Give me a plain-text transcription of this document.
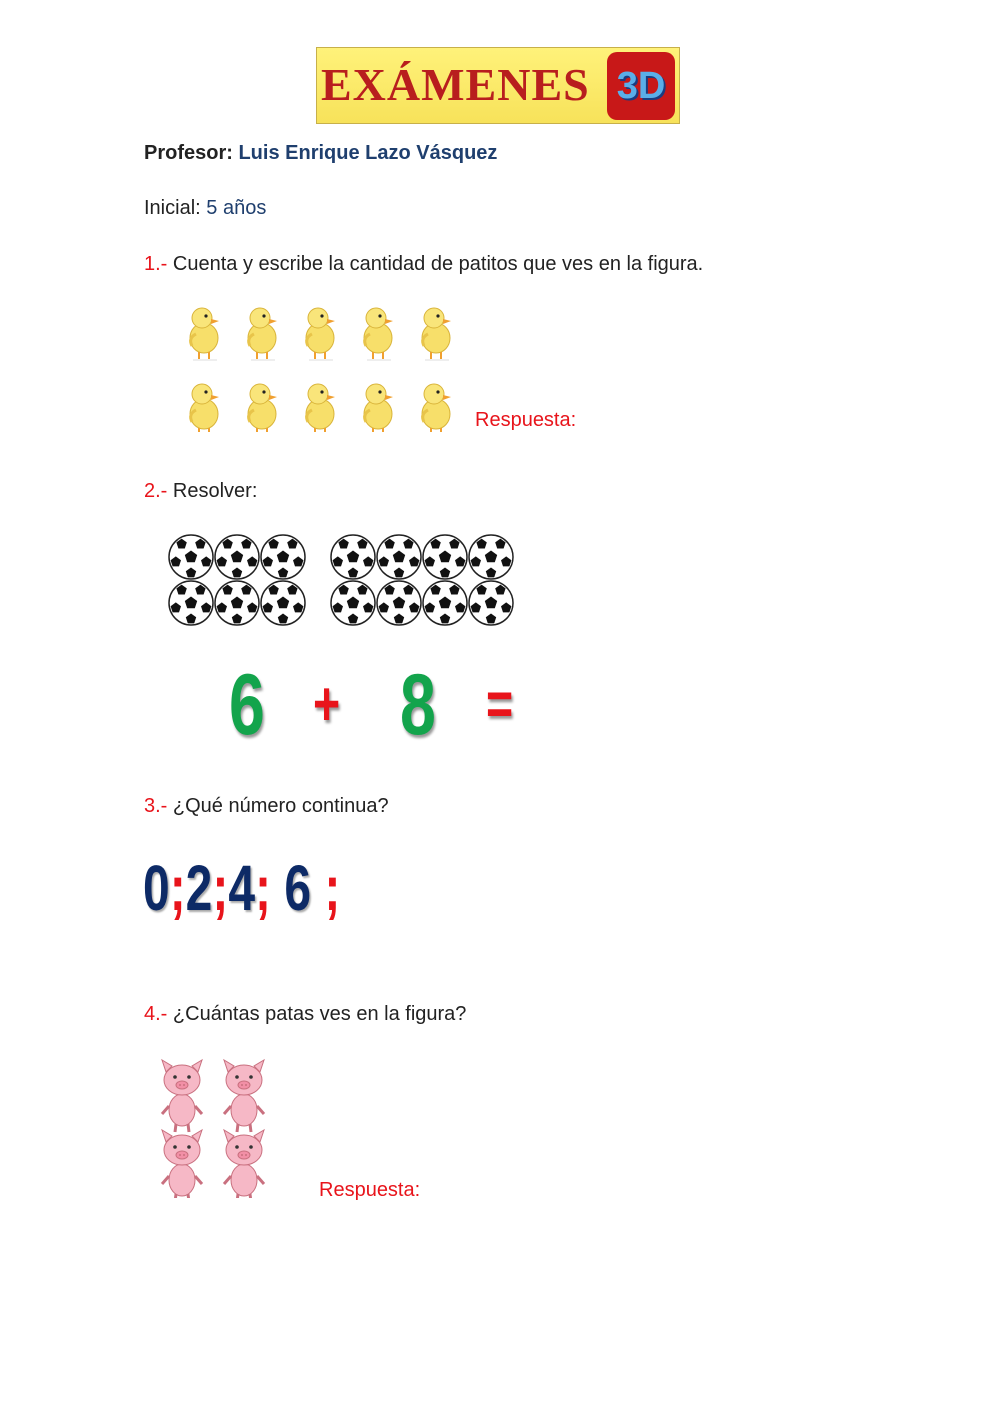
EXÁMENES 3D
Profesor: Luis Enrique Lazo Vásquez
Inicial: 5 años
1.- Cuenta y escribe la cantidad de patitos que ves en la figura.
Respuesta:
2.- Resolver:
6 + 8 =
3.- ¿Qué número continua?
0;2;4; 6 ;
4.- ¿Cuántas patas ves en la figura?
Respuesta:
